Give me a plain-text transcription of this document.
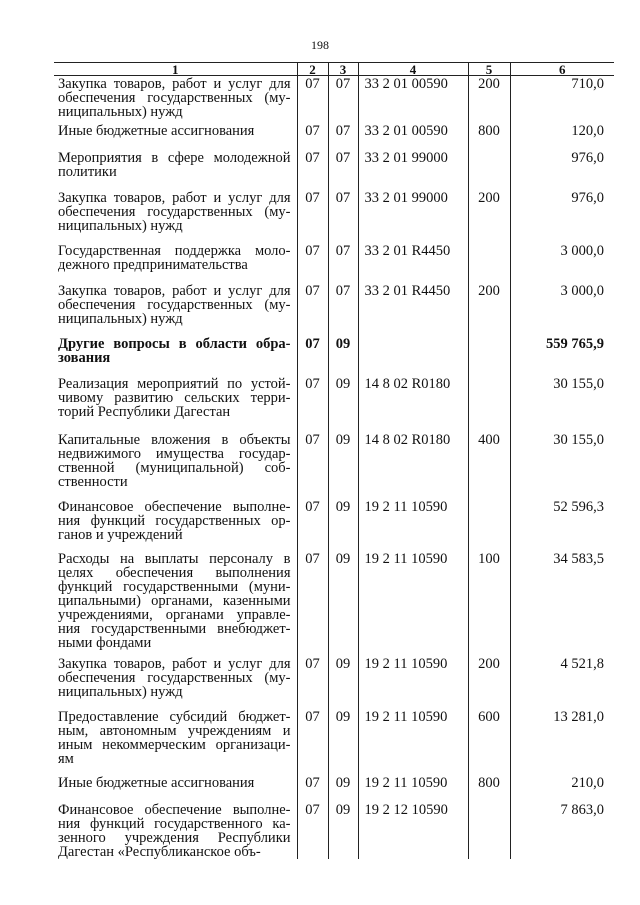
198
1	2	3	4	5	6
Закупка товаров, работ и услуг для обеспечения государственных (му-ниципальных) нужд	07	07	33 2 01 00590	200	710,0
Иные бюджетные ассигнования	07	07	33 2 01 00590	800	120,0
Мероприятия в сфере молодежной политики	07	07	33 2 01 99000		976,0
Закупка товаров, работ и услуг для обеспечения государственных (му-ниципальных) нужд	07	07	33 2 01 99000	200	976,0
Государственная поддержка моло-дежного предпринимательства	07	07	33 2 01 R4450		3 000,0
Закупка товаров, работ и услуг для обеспечения государственных (му-ниципальных) нужд	07	07	33 2 01 R4450	200	3 000,0
Другие вопросы в области обра-зования	07	09			559 765,9
Реализация мероприятий по устой-чивому развитию сельских терри-торий Республики Дагестан	07	09	14 8 02 R0180		30 155,0
Капитальные вложения в объекты недвижимого имущества государ-ственной (муниципальной) соб-ственности	07	09	14 8 02 R0180	400	30 155,0
Финансовое обеспечение выполне-ния функций государственных ор-ганов и учреждений	07	09	19 2 11 10590		52 596,3
Расходы на выплаты персоналу в целях обеспечения выполнения функций государственными (муни-ципальными) органами, казенными учреждениями, органами управле-ния государственными внебюджет-ными фондами	07	09	19 2 11 10590	100	34 583,5
Закупка товаров, работ и услуг для обеспечения государственных (му-ниципальных) нужд	07	09	19 2 11 10590	200	4 521,8
Предоставление субсидий бюджет-ным, автономным учреждениям и иным некоммерческим организаци-ям	07	09	19 2 11 10590	600	13 281,0
Иные бюджетные ассигнования	07	09	19 2 11 10590	800	210,0
Финансовое обеспечение выполне-ния функций государственного ка-зенного учреждения Республики Дагестан «Республиканское объ-	07	09	19 2 12 10590		7 863,0
